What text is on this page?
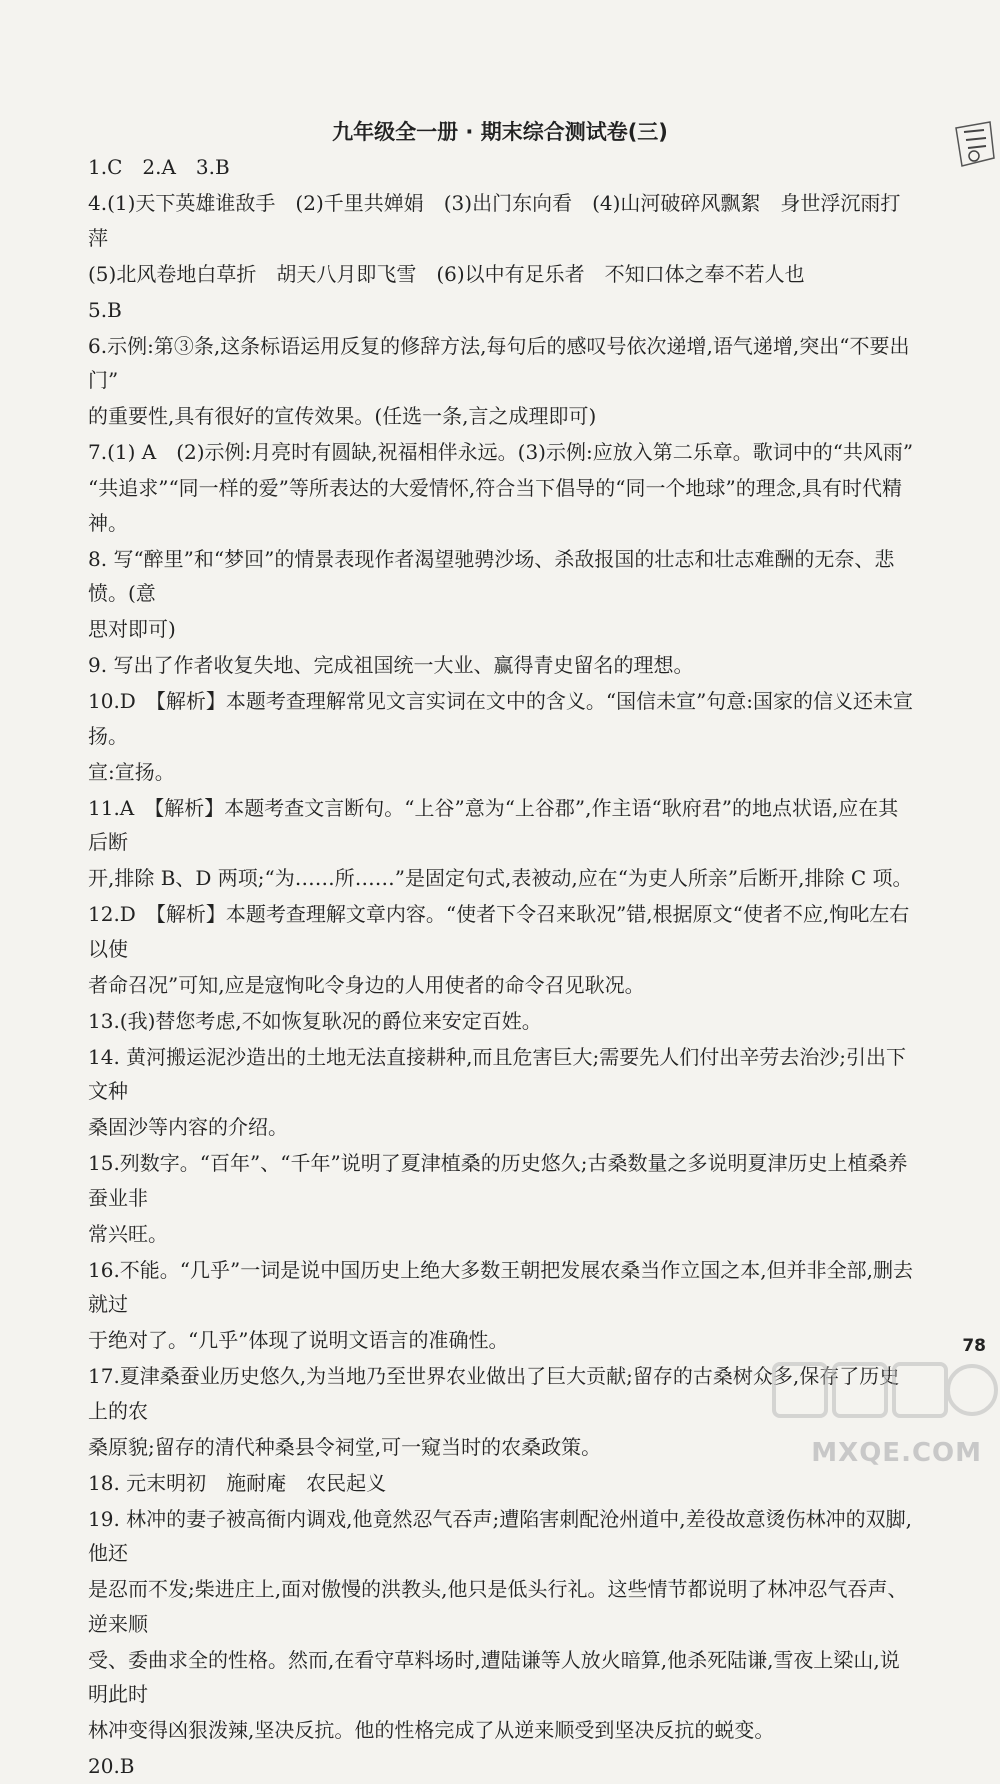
九年级全一册 · 期末综合测试卷(三)

1.C　2.A　3.B

4.(1)天下英雄谁敌手　(2)千里共婵娟　(3)出门东向看　(4)山河破碎风飘絮　身世浮沉雨打萍

(5)北风卷地白草折　胡天八月即飞雪　(6)以中有足乐者　不知口体之奉不若人也

5.B

6.示例:第③条,这条标语运用反复的修辞方法,每句后的感叹号依次递增,语气递增,突出“不要出门”

的重要性,具有很好的宣传效果。(任选一条,言之成理即可)

7.(1) A　(2)示例:月亮时有圆缺,祝福相伴永远。(3)示例:应放入第二乐章。歌词中的“共风雨”

“共追求”“同一样的爱”等所表达的大爱情怀,符合当下倡导的“同一个地球”的理念,具有时代精神。

8. 写“醉里”和“梦回”的情景表现作者渴望驰骋沙场、杀敌报国的壮志和壮志难酬的无奈、悲愤。(意

思对即可)

9. 写出了作者收复失地、完成祖国统一大业、赢得青史留名的理想。

10.D　【解析】本题考查理解常见文言实词在文中的含义。“国信未宣”句意:国家的信义还未宣扬。

宣:宣扬。

11.A　【解析】本题考查文言断句。“上谷”意为“上谷郡”,作主语“耿府君”的地点状语,应在其后断

开,排除 B、D 两项;“为……所……”是固定句式,表被动,应在“为吏人所亲”后断开,排除 C 项。

12.D　【解析】本题考查理解文章内容。“使者下令召来耿况”错,根据原文“使者不应,恂叱左右以使

者命召况”可知,应是寇恂叱令身边的人用使者的命令召见耿况。

13.(我)替您考虑,不如恢复耿况的爵位来安定百姓。

14. 黄河搬运泥沙造出的土地无法直接耕种,而且危害巨大;需要先人们付出辛劳去治沙;引出下文种

桑固沙等内容的介绍。

15.列数字。“百年”、“千年”说明了夏津植桑的历史悠久;古桑数量之多说明夏津历史上植桑养蚕业非

常兴旺。

16.不能。“几乎”一词是说中国历史上绝大多数王朝把发展农桑当作立国之本,但并非全部,删去就过

于绝对了。“几乎”体现了说明文语言的准确性。

17.夏津桑蚕业历史悠久,为当地乃至世界农业做出了巨大贡献;留存的古桑树众多,保存了历史上的农

桑原貌;留存的清代种桑县令祠堂,可一窥当时的农桑政策。

18. 元末明初　施耐庵　农民起义

19. 林冲的妻子被高衙内调戏,他竟然忍气吞声;遭陷害刺配沧州道中,差役故意烫伤林冲的双脚,他还

是忍而不发;柴进庄上,面对傲慢的洪教头,他只是低头行礼。这些情节都说明了林冲忍气吞声、逆来顺

受、委曲求全的性格。然而,在看守草料场时,遭陆谦等人放火暗算,他杀死陆谦,雪夜上梁山,说明此时

林冲变得凶狠泼辣,坚决反抗。他的性格完成了从逆来顺受到坚决反抗的蜕变。

20.B

78
MXQE.COM
